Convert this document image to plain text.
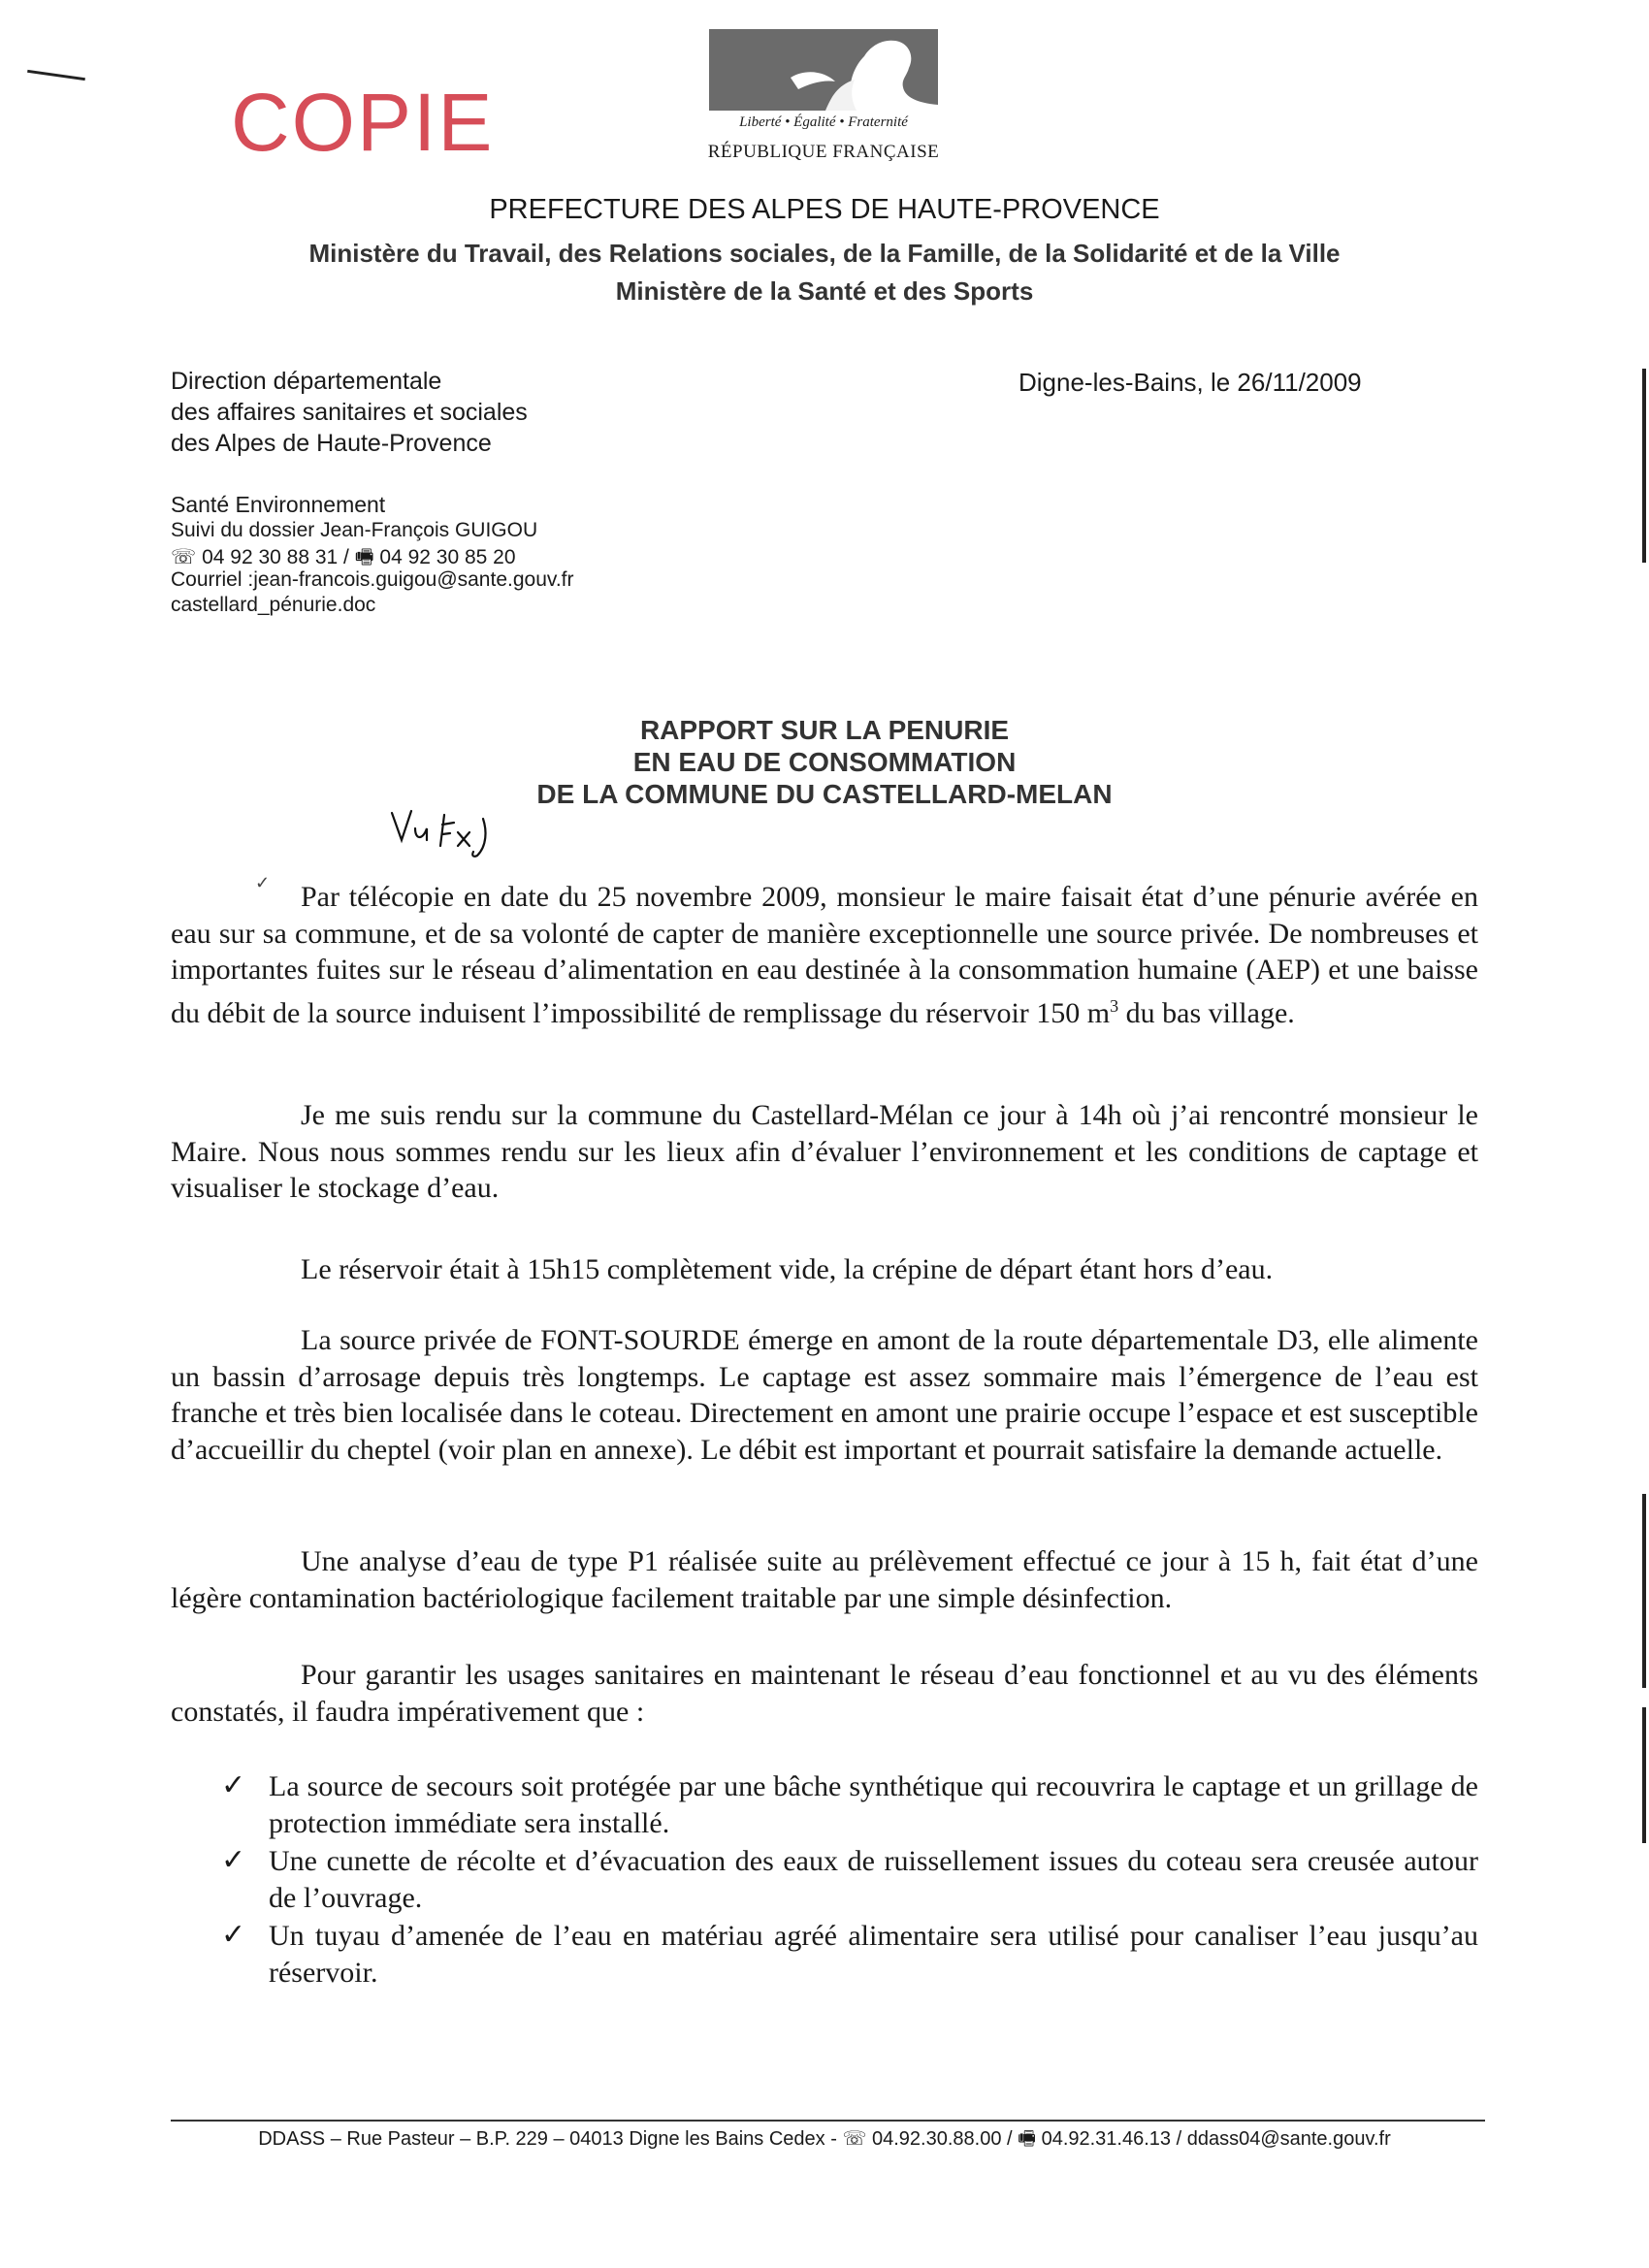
COPIE	Liberté • Égalité • Fraternité
RÉPUBLIQUE FRANÇAISE
PREFECTURE DES ALPES DE HAUTE-PROVENCE
Ministère du Travail, des Relations sociales, de la Famille, de la Solidarité et de la Ville
Ministère de la Santé et des Sports
Direction départementale
des affaires sanitaires et sociales
des Alpes de Haute-Provence
Digne-les-Bains, le 26/11/2009
Santé Environnement
Suivi du dossier Jean-François GUIGOU
☏ 04 92 30 88 31 / 🖷 04 92 30 85 20
Courriel :jean-francois.guigou@sante.gouv.fr
castellard_pénurie.doc
RAPPORT SUR LA PENURIE
EN EAU DE CONSOMMATION
DE LA COMMUNE DU CASTELLARD-MELAN
✓	Par télécopie en date du 25 novembre 2009, monsieur le maire faisait état d’une pénurie avérée en eau sur sa commune, et de sa volonté de capter de manière exceptionnelle une source privée. De nombreuses et importantes fuites sur le réseau d’alimentation en eau destinée à la consommation humaine (AEP) et une baisse du débit de la source induisent l’impossibilité de remplissage du réservoir 150 $m^3$ du bas village.

Je me suis rendu sur la commune du Castellard-Mélan ce jour à 14h où j’ai rencontré monsieur le Maire. Nous nous sommes rendu sur les lieux afin d’évaluer l’environnement et les conditions de captage et visualiser le stockage d’eau.

Le réservoir était à 15h15 complètement vide, la crépine de départ étant hors d’eau.

La source privée de FONT-SOURDE émerge en amont de la route départementale D3, elle alimente un bassin d’arrosage depuis très longtemps. Le captage est assez sommaire mais l’émergence de l’eau est franche et très bien localisée dans le coteau. Directement en amont une prairie occupe l’espace et est susceptible d’accueillir du cheptel (voir plan en annexe). Le débit est important et pourrait satisfaire la demande actuelle.

Une analyse d’eau de type P1 réalisée suite au prélèvement effectué ce jour à 15 h, fait état d’une légère contamination bactériologique facilement traitable par une simple désinfection.

Pour garantir les usages sanitaires en maintenant le réseau d’eau fonctionnel et au vu des éléments constatés, il faudra impérativement que :

✓ La source de secours soit protégée par une bâche synthétique qui recouvrira le captage et un grillage de protection immédiate sera installé.

✓ Une cunette de récolte et d’évacuation des eaux de ruissellement issues du coteau sera creusée autour de l’ouvrage.

✓ Un tuyau d’amenée de l’eau en matériau agréé alimentaire sera utilisé pour canaliser l’eau jusqu’au réservoir.

DDASS – Rue Pasteur – B.P. 229 – 04013 Digne les Bains Cedex - ☏ 04.92.30.88.00 / 🖷 04.92.31.46.13 / ddass04@sante.gouv.fr
